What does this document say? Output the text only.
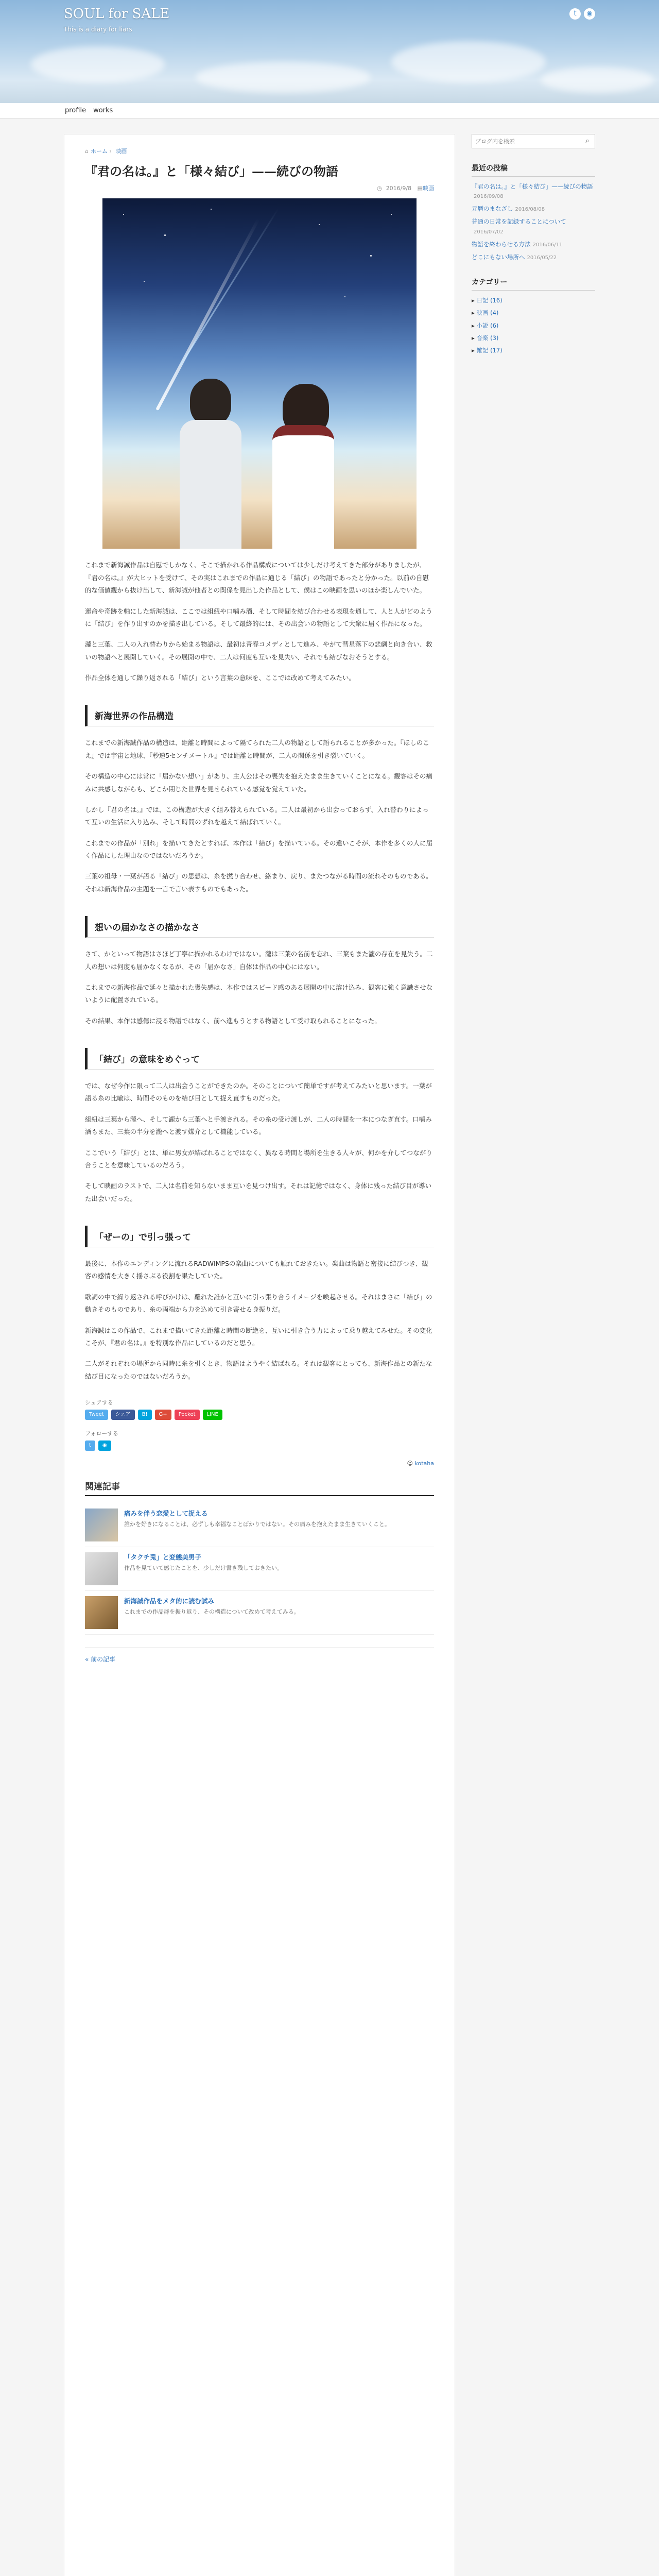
SOUL for SALE
This is a diary for liars
t	◉
profile works
⌂ ホーム › 映画
『君の名は。』と「様々結び」——続びの物語
◷ 2016/9/8 ▤映画

これまで新海誠作品は自慰でしかなく、そこで描かれる作品構成については少しだけ考えてきた部分がありましたが、『君の名は。』が大ヒットを受けて、その実はこれまでの作品に通じる「結び」の物語であったと分かった。以前の自慰的な価値観から抜け出して、新海誠が他者との関係を見出した作品として、僕はこの映画を思いのほか楽しんでいた。

運命や奇跡を軸にした新海誠は、ここでは組紐や口噛み酒、そして時間を結び合わせる表現を通して、人と人がどのように「結び」を作り出すのかを描き出している。そして最終的には、その出会いの物語として大衆に届く作品になった。

瀧と三葉、二人の入れ替わりから始まる物語は、最初は青春コメディとして進み、やがて彗星落下の悲劇と向き合い、救いの物語へと展開していく。その展開の中で、二人は何度も互いを見失い、それでも結びなおそうとする。

作品全体を通して繰り返される「結び」という言葉の意味を、ここでは改めて考えてみたい。

新海世界の作品構造

これまでの新海誠作品の構造は、距離と時間によって隔てられた二人の物語として語られることが多かった。『ほしのこえ』では宇宙と地球、『秒速5センチメートル』では距離と時間が、二人の関係を引き裂いていく。

その構造の中心には常に「届かない想い」があり、主人公はその喪失を抱えたまま生きていくことになる。観客はその痛みに共感しながらも、どこか閉じた世界を見せられている感覚を覚えていた。

しかし『君の名は。』では、この構造が大きく組み替えられている。二人は最初から出会っておらず、入れ替わりによって互いの生活に入り込み、そして時間のずれを越えて結ばれていく。

これまでの作品が「別れ」を描いてきたとすれば、本作は「結び」を描いている。その違いこそが、本作を多くの人に届く作品にした理由なのではないだろうか。

三葉の祖母・一葉が語る「結び」の思想は、糸を撚り合わせ、絡まり、戻り、またつながる時間の流れそのものである。それは新海作品の主題を一言で言い表すものでもあった。

想いの届かなさの描かなさ

さて、かといって物語はさほど丁寧に描かれるわけではない。瀧は三葉の名前を忘れ、三葉もまた瀧の存在を見失う。二人の想いは何度も届かなくなるが、その「届かなさ」自体は作品の中心にはない。

これまでの新海作品で延々と描かれた喪失感は、本作ではスピード感のある展開の中に溶け込み、観客に強く意識させないように配置されている。

その結果、本作は感傷に浸る物語ではなく、前へ進もうとする物語として受け取られることになった。

「結び」の意味をめぐって

では、なぜ今作に限って二人は出会うことができたのか。そのことについて簡単ですが考えてみたいと思います。一葉が語る糸の比喩は、時間そのものを結び目として捉え直すものだった。

組紐は三葉から瀧へ、そして瀧から三葉へと手渡される。その糸の受け渡しが、二人の時間を一本につなぎ直す。口噛み酒もまた、三葉の半分を瀧へと渡す媒介として機能している。

ここでいう「結び」とは、単に男女が結ばれることではなく、異なる時間と場所を生きる人々が、何かを介してつながり合うことを意味しているのだろう。

そして映画のラストで、二人は名前を知らないまま互いを見つけ出す。それは記憶ではなく、身体に残った結び目が導いた出会いだった。

「ぜーの」で引っ張って

最後に、本作のエンディングに流れるRADWIMPSの楽曲についても触れておきたい。楽曲は物語と密接に結びつき、観客の感情を大きく揺さぶる役割を果たしていた。

歌詞の中で繰り返される呼びかけは、離れた誰かと互いに引っ張り合うイメージを喚起させる。それはまさに「結び」の動きそのものであり、糸の両端から力を込めて引き寄せる身振りだ。

新海誠はこの作品で、これまで描いてきた距離と時間の断絶を、互いに引き合う力によって乗り越えてみせた。その変化こそが、『君の名は。』を特別な作品にしているのだと思う。

二人がそれぞれの場所から同時に糸を引くとき、物語はようやく結ばれる。それは観客にとっても、新海作品との新たな結び目になったのではないだろうか。

シェアする
Tweet	シェア	B!	G+	Pocket	LINE
フォローする
t	◉
☺ kotaha
関連記事
痛みを伴う恋愛として捉える
誰かを好きになることは、必ずしも幸福なことばかりではない。その痛みを抱えたまま生きていくこと。
「タクチ兎」と変態美男子
作品を見ていて感じたことを、少しだけ書き残しておきたい。
新海誠作品をメタ的に読む試み
これまでの作品群を振り返り、その構造について改めて考えてみる。
« 前の記事
ブログ内を検索
⌕
最近の投稿
『君の名は。』と「様々結び」——続びの物語2016/09/08
元暦のまなざし 2016/08/08
普通の日常を記録することについて2016/07/02
物語を終わらせる方法 2016/06/11
どこにもない場所へ 2016/05/22
カテゴリー
▸ 日記 (16)
▸ 映画 (4)
▸ 小説 (6)
▸ 音楽 (3)
▸ 雑記 (17)
